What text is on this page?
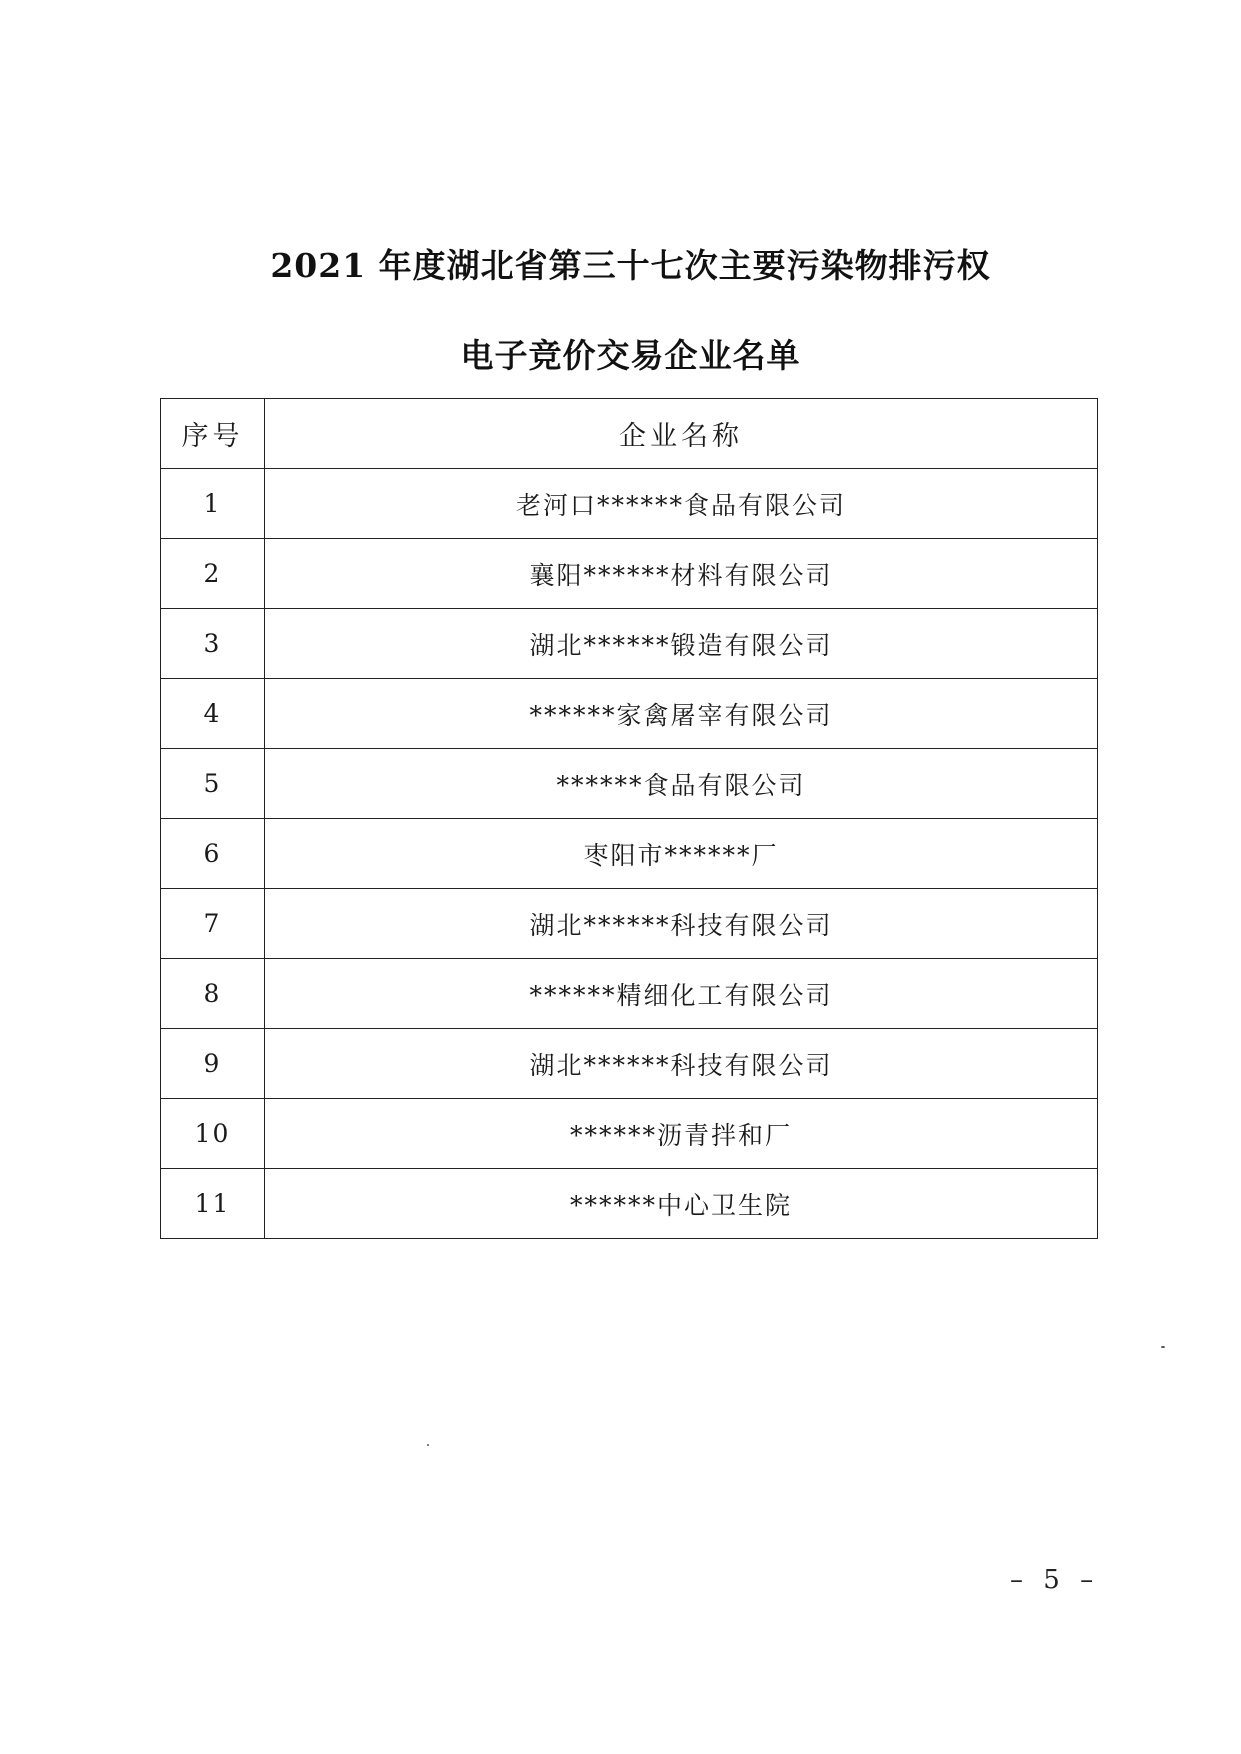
2021 年度湖北省第三十七次主要污染物排污权
电子竞价交易企业名单
序号	企业名称
1	老河口******食品有限公司
2	襄阳******材料有限公司
3	湖北******锻造有限公司
4	******家禽屠宰有限公司
5	******食品有限公司
6	枣阳市******厂
7	湖北******科技有限公司
8	******精细化工有限公司
9	湖北******科技有限公司
10	******沥青拌和厂
11	******中心卫生院
– 5 –
